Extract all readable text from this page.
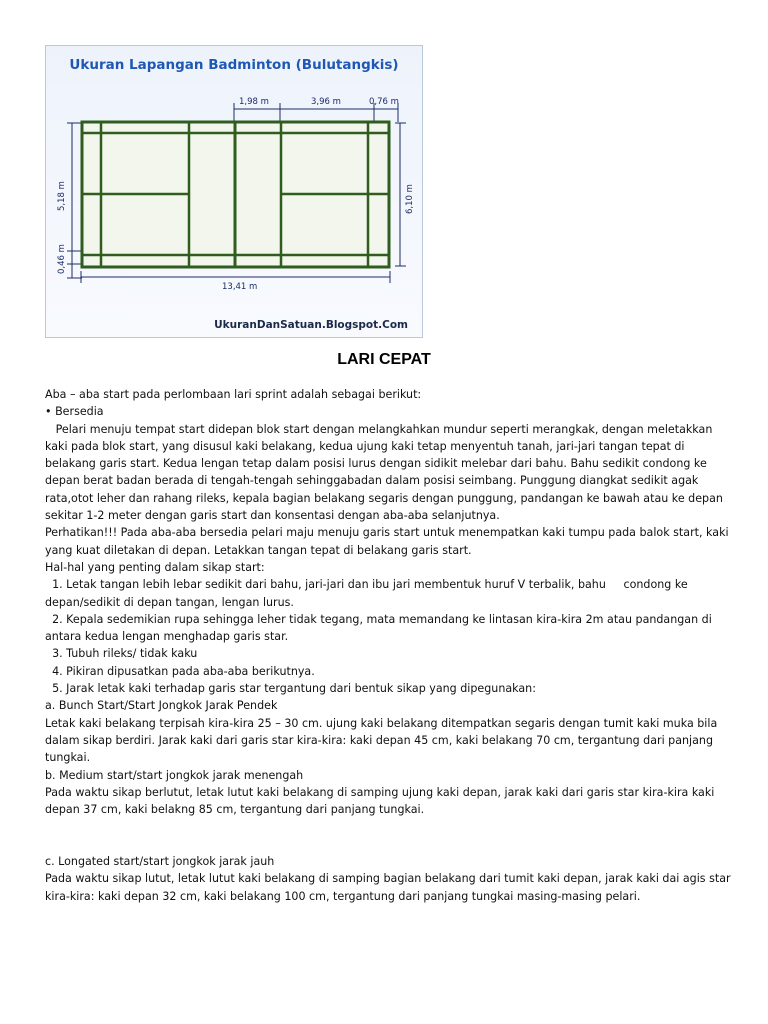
Ukuran Lapangan Badminton (Bulutangkis)
1,98 m	3,96 m	0,76 m
5,18 m
0,46 m
6,10 m
13,41 m
UkuranDanSatuan.Blogspot.Com
LARI CEPAT

Aba – aba start pada perlombaan lari sprint adalah sebagai berikut:

• Bersedia

Pelari menuju tempat start didepan blok start dengan melangkahkan mundur seperti merangkak, dengan meletakkan kaki pada blok start, yang disusul kaki belakang, kedua ujung kaki tetap menyentuh tanah, jari-jari tangan tepat di belakang garis start. Kedua lengan tetap dalam posisi lurus dengan sidikit melebar dari bahu. Bahu sedikit condong ke depan berat badan berada di tengah-tengah sehinggabadan dalam posisi seimbang. Punggung diangkat sedikit agak rata,otot leher dan rahang rileks, kepala bagian belakang segaris dengan punggung, pandangan ke bawah atau ke depan sekitar 1-2 meter dengan garis start dan konsentasi dengan aba-aba selanjutnya.

Perhatikan!!! Pada aba-aba bersedia pelari maju menuju garis start untuk menempatkan kaki tumpu pada balok start, kaki yang kuat diletakan di depan. Letakkan tangan tepat di belakang garis start.

Hal-hal yang penting dalam sikap start:

1. Letak tangan lebih lebar sedikit dari bahu, jari-jari dan ibu jari membentuk huruf V terbalik, bahu     condong ke depan/sedikit di depan tangan, lengan lurus.

2. Kepala sedemikian rupa sehingga leher tidak tegang, mata memandang ke lintasan kira-kira 2m atau pandangan di antara kedua lengan menghadap garis star.

3. Tubuh rileks/ tidak kaku

4. Pikiran dipusatkan pada aba-aba berikutnya.

5. Jarak letak kaki terhadap garis star tergantung dari bentuk sikap yang dipegunakan:

a. Bunch Start/Start Jongkok Jarak Pendek

Letak kaki belakang terpisah kira-kira 25 – 30 cm. ujung kaki belakang ditempatkan segaris dengan tumit kaki muka bila dalam sikap berdiri. Jarak kaki dari garis star kira-kira: kaki depan 45 cm, kaki belakang 70 cm, tergantung dari panjang tungkai.

b. Medium start/start jongkok jarak menengah

Pada waktu sikap berlutut, letak lutut kaki belakang di samping ujung kaki depan, jarak kaki dari garis star kira-kira kaki depan 37 cm, kaki belakng 85 cm, tergantung dari panjang tungkai.

c. Longated start/start jongkok jarak jauh

Pada waktu sikap lutut, letak lutut kaki belakang di samping bagian belakang dari tumit kaki depan, jarak kaki dai agis star kira-kira: kaki depan 32 cm, kaki belakang 100 cm, tergantung dari panjang tungkai masing-masing pelari.
